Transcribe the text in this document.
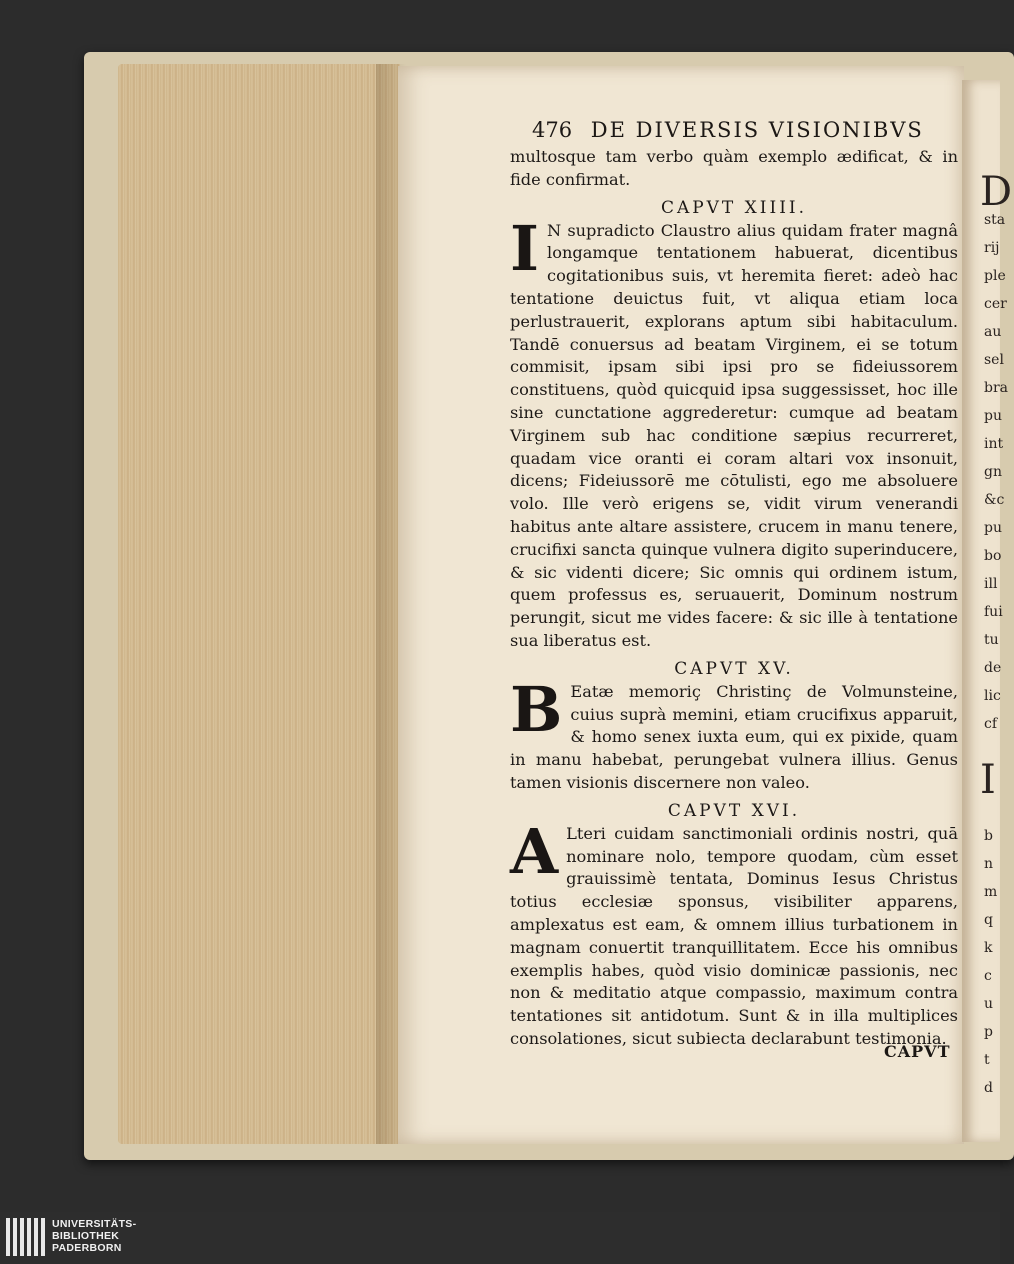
D
sta
rij
ple
cer
au
sel
bra
pu
int
gn
&c
pu
bo
ill
fui
tu
de
lic
cf
I
b
n
m
q
k
c
u
p
t
d
476 DE DIVERSIS VISIONIBVS

multosque tam verbo quàm exemplo ædificat, & in fide confirmat.

CAPVT XIIII.

I N supradicto Claustro alius quidam frater magnâ longamque tentationem habuerat, dicentibus cogitationibus suis, vt heremita fieret: adeò hac tentatione deuictus fuit, vt aliqua etiam loca perlustrauerit, explorans aptum sibi habitaculum. Tandē conuersus ad beatam Virginem, ei se totum commisit, ipsam sibi ipsi pro se fideiussorem constituens, quòd quicquid ipsa suggessisset, hoc ille sine cunctatione aggrederetur: cumque ad beatam Virginem sub hac conditione sæpius recurreret, quadam vice oranti ei coram altari vox insonuit, dicens; Fideiussorē me cōtulisti, ego me absoluere volo. Ille verò erigens se, vidit virum venerandi habitus ante altare assistere, crucem in manu tenere, crucifixi sancta quinque vulnera digito superinducere, & sic videnti dicere; Sic omnis qui ordinem istum, quem professus es, seruauerit, Dominum nostrum perungit, sicut me vides facere: & sic ille à tentatione sua liberatus est.

CAPVT XV.

B Eatæ memoriç Christinç de Volmunsteine, cuius suprà memini, etiam crucifixus apparuit, & homo senex iuxta eum, qui ex pixide, quam in manu habebat, perungebat vulnera illius. Genus tamen visionis discernere non valeo.

CAPVT XVI.

A Lteri cuidam sanctimoniali ordinis nostri, quā nominare nolo, tempore quodam, cùm esset grauissimè tentata, Dominus Iesus Christus totius ecclesiæ sponsus, visibiliter apparens, amplexatus est eam, & omnem illius turbationem in magnam conuertit tranquillitatem. Ecce his omnibus exemplis habes, quòd visio dominicæ passionis, nec non & meditatio atque compassio, maximum contra tentationes sit antidotum. Sunt & in illa multiplices consolationes, sicut subiecta declarabunt testimonia.

CAPVT
UNIVERSITÄTS-
BIBLIOTHEK
PADERBORN
